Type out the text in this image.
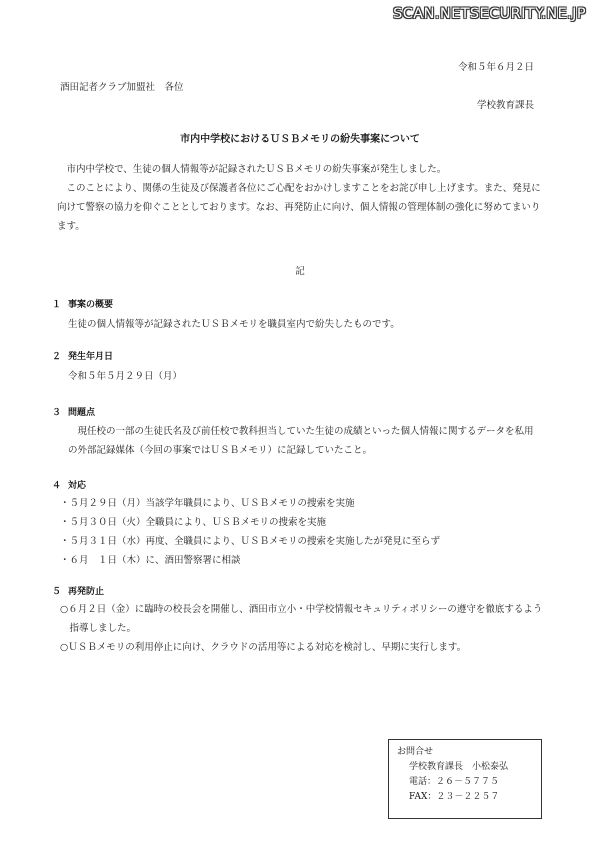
SCAN.NETSECURITY.NE.JP
令和５年６月２日
酒田記者クラブ加盟社　各位
学校教育課長
市内中学校におけるＵＳＢメモリの紛失事案について

市内中学校で、生徒の個人情報等が記録されたＵＳＢメモリの紛失事案が発生しました。

このことにより、関係の生徒及び保護者各位にご心配をおかけしますことをお詫び申し上げます。また、発見に向けて警察の協力を仰ぐこととしております。なお、再発防止に向け、個人情報の管理体制の強化に努めてまいります。

記
１ 事案の概要

生徒の個人情報等が記録されたＵＳＢメモリを職員室内で紛失したものです。

２ 発生年月日

令和５年５月２９日（月）

３ 問題点

現任校の一部の生徒氏名及び前任校で教科担当していた生徒の成績といった個人情報に関するデータを私用の外部記録媒体（今回の事案ではＵＳＢメモリ）に記録していたこと。

４ 対応

・５月２９日（月）当該学年職員により、ＵＳＢメモリの捜索を実施

・５月３０日（火）全職員により、ＵＳＢメモリの捜索を実施

・５月３１日（水）再度、全職員により、ＵＳＢメモリの捜索を実施したが発見に至らず

・６月　１日（木）に、酒田警察署に相談

５ 再発防止

○６月２日（金）に臨時の校長会を開催し、酒田市立小・中学校情報セキュリティポリシーの遵守を徹底するよう指導しました。

○ＵＳＢメモリの利用停止に向け、クラウドの活用等による対応を検討し、早期に実行します。

お問合せ
学校教育課長　小松泰弘
電話：２６－５７７５
FAX：２３－２２５７
